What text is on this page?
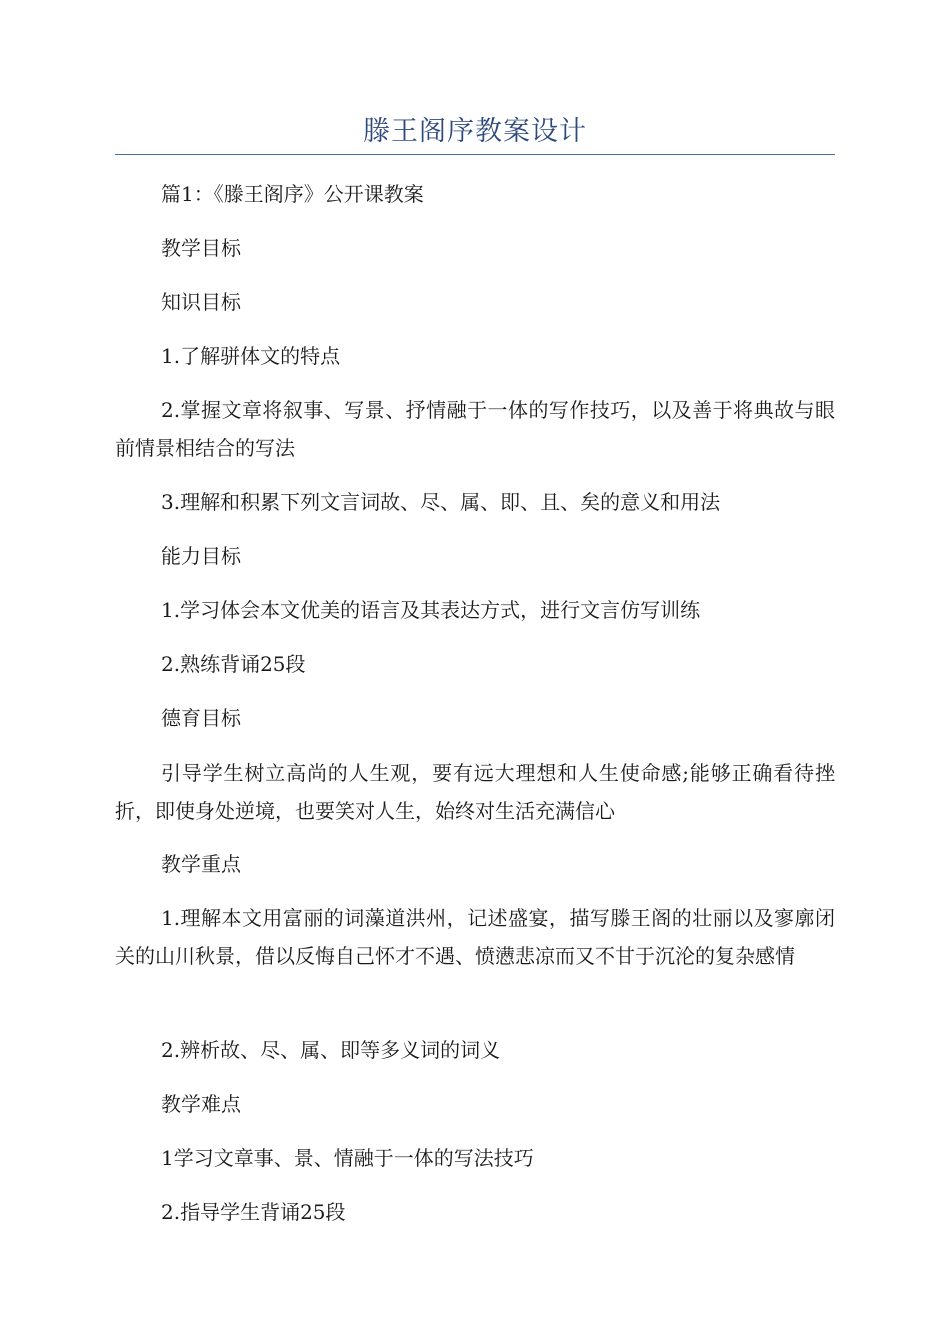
滕王阁序教案设计
篇1：《滕王阁序》公开课教案
教学目标
知识目标
1.了解骈体文的特点
2.掌握文章将叙事、写景、抒情融于一体的写作技巧，以及善于将典故与眼前情景相结合的写法
3.理解和积累下列文言词故、尽、属、即、且、矣的意义和用法
能力目标
1.学习体会本文优美的语言及其表达方式，进行文言仿写训练
2.熟练背诵25段
德育目标
引导学生树立高尚的人生观，要有远大理想和人生使命感;能够正确看待挫折，即使身处逆境，也要笑对人生，始终对生活充满信心
教学重点
1.理解本文用富丽的词藻道洪州，记述盛宴，描写滕王阁的壮丽以及寥廓闭关的山川秋景，借以反悔自己怀才不遇、愤懑悲凉而又不甘于沉沦的复杂感情
2.辨析故、尽、属、即等多义词的词义
教学难点
1学习文章事、景、情融于一体的写法技巧
2.指导学生背诵25段
